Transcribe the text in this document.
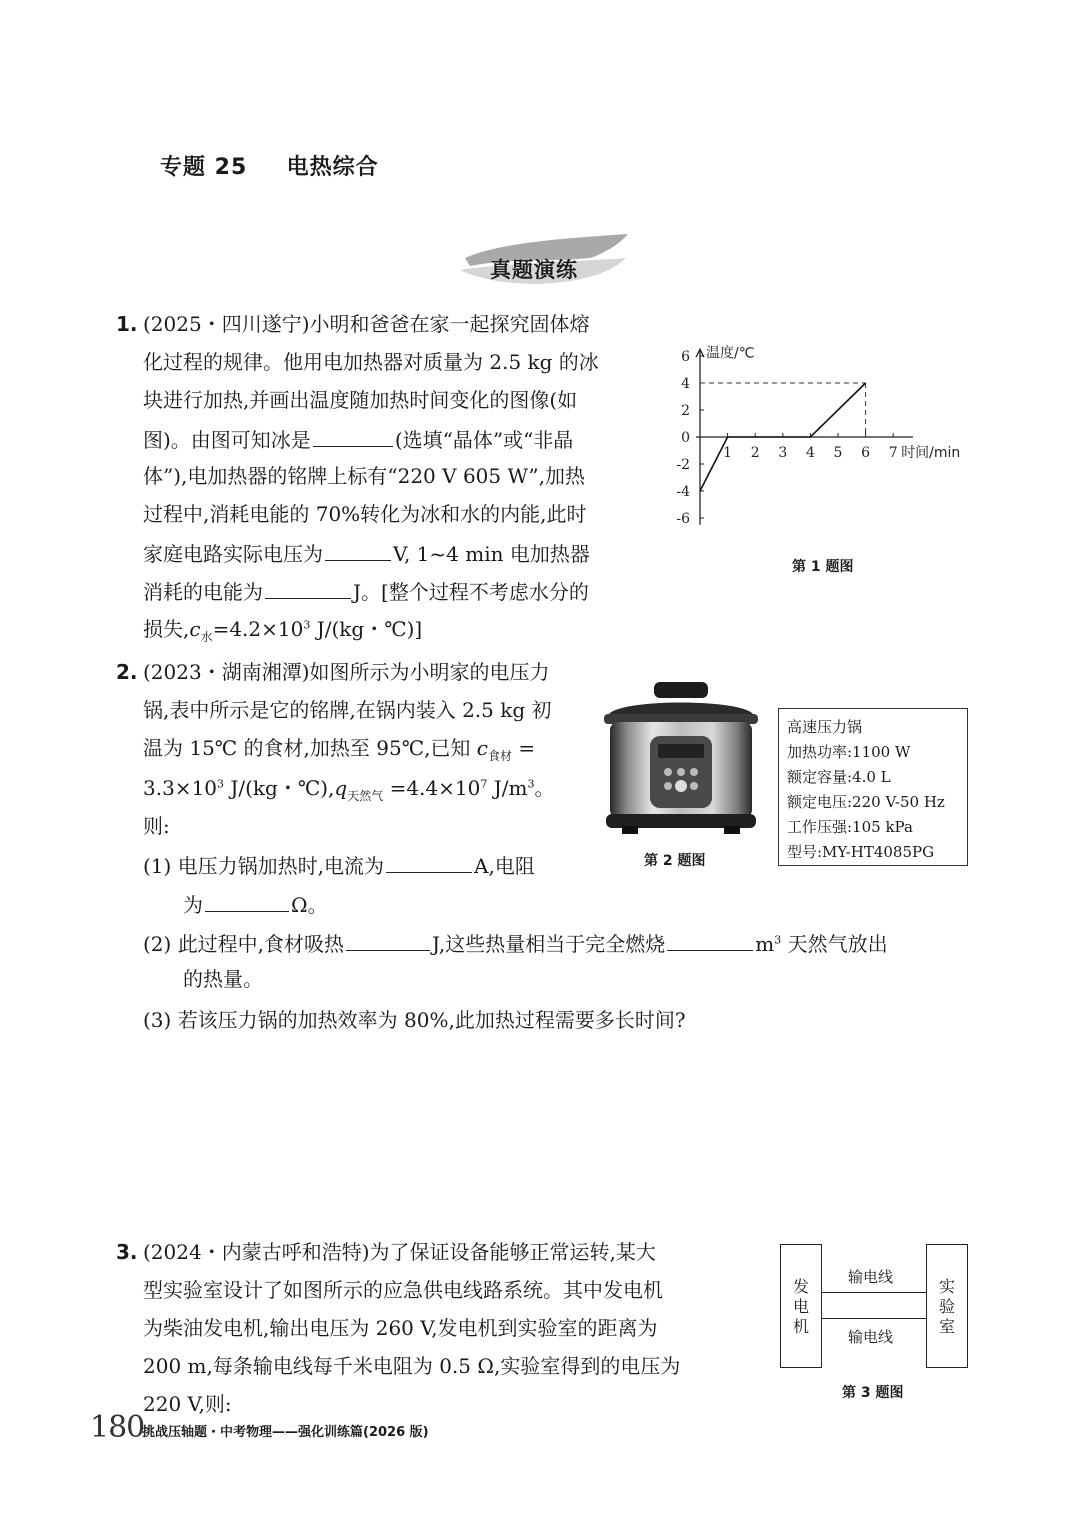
专题 25 电热综合
真题演练
1. (2025・四川遂宁)小明和爸爸在家一起探究固体熔
化过程的规律。他用电加热器对质量为 2.5 kg 的冰
块进行加热,并画出温度随加热时间变化的图像(如
图)。由图可知冰是	(选填“晶体”或“非晶
体”),电加热器的铭牌上标有“220 V 605 W”,加热
过程中,消耗电能的 70%转化为冰和水的内能,此时
家庭电路实际电压为	V, 1~4 min 电加热器
消耗的电能为	J。[整个过程不考虑水分的
损失$,c_水=4.2\times 10^3$ J/(kg・℃)]
6
4
2
0
-2
-4
-6
1 2 3 4 5 6 7
温度/℃
时间/min
第 1 题图
2. (2023・湖南湘潭)如图所示为小明家的电压力
锅,表中所示是它的铭牌,在锅内装入 2.5 kg 初
温为 15℃ 的食材,加热至 95℃,已知 $c_{食材}$ =
$3.3\times 10^3$ J/(kg・$℃),q_{天然气} =4.4\times 10^7$ $J/m^3$。
则:
(1) 电压力锅加热时,电流为	A,电阻
为	Ω。
(2) 此过程中,食材吸热	J,这些热量相当于完全燃烧	$m^3$ 天然气放出
的热量。
(3) 若该压力锅的加热效率为 80%,此加热过程需要多长时间?
第 2 题图
高速压力锅
加热功率:1100 W
额定容量:4.0 L
额定电压:220 V-50 Hz
工作压强:105 kPa
型号:MY-HT4085PG
3. (2024・内蒙古呼和浩特)为了保证设备能够正常运转,某大
型实验室设计了如图所示的应急供电线路系统。其中发电机
为柴油发电机,输出电压为 260 V,发电机到实验室的距离为
200 m,每条输电线每千米电阻为 0.5 Ω,实验室得到的电压为
220 V,则:
发
电
机
实
验
室
输电线
输电线
第 3 题图
180
挑战压轴题・中考物理——强化训练篇(2026 版)
